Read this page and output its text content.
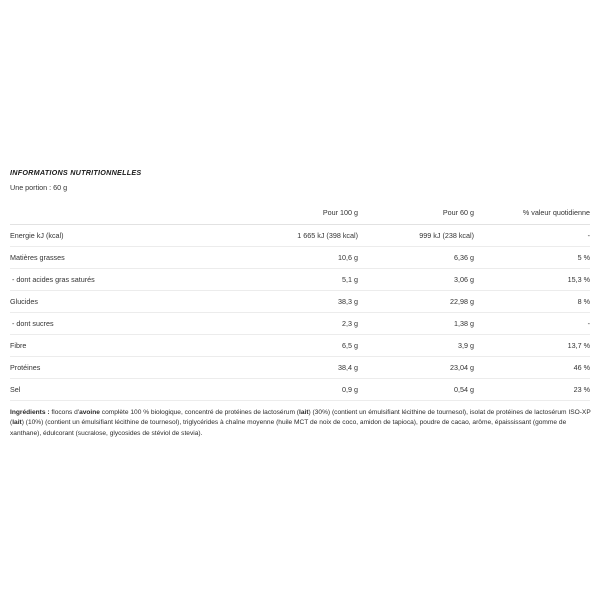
INFORMATIONS NUTRITIONNELLES
Une portion : 60 g
	Pour 100 g	Pour 60 g	% valeur quotidienne
Energie kJ (kcal)	1 665 kJ (398 kcal)	999 kJ (238 kcal)	-
Matières grasses	10,6 g	6,36 g	5 %
- dont acides gras saturés	5,1 g	3,06 g	15,3 %
Glucides	38,3 g	22,98 g	8 %
- dont sucres	2,3 g	1,38 g	-
Fibre	6,5 g	3,9 g	13,7 %
Protéines	38,4 g	23,04 g	46 %
Sel	0,9 g	0,54 g	23 %

Ingrédients : flocons d'avoine complète 100 % biologique, concentré de protéines de lactosérum (lait) (30%) (contient un émulsifiant lécithine de tournesol), isolat de protéines de lactosérum ISO-XP (lait) (10%) (contient un émulsifiant lécithine de tournesol), triglycérides à chaîne moyenne (huile MCT de noix de coco, amidon de tapioca), poudre de cacao, arôme, épaississant (gomme de xanthane), édulcorant (sucralose, glycosides de stéviol de stevia).
